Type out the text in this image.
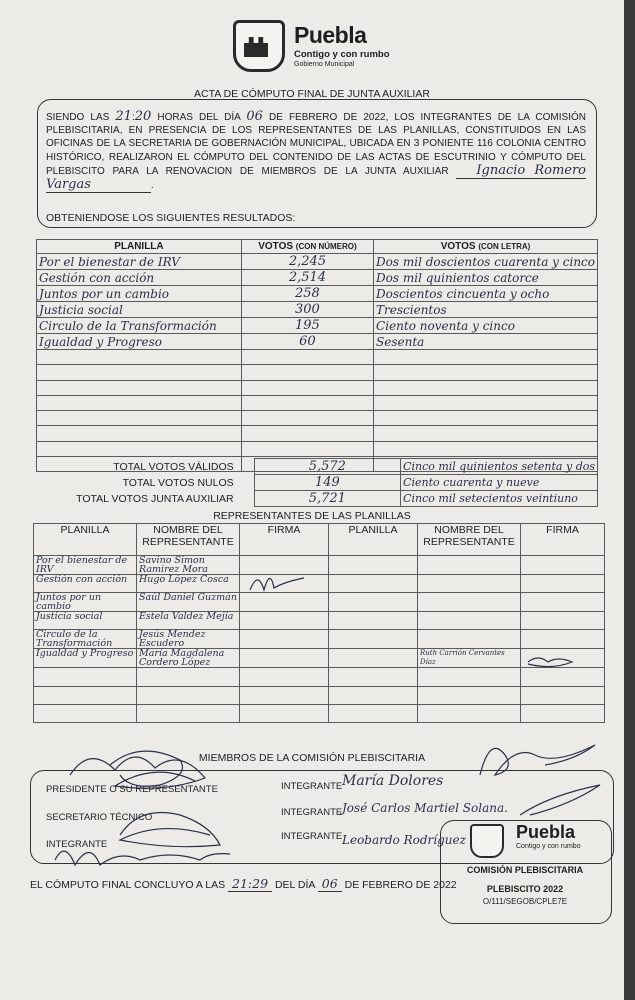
Puebla
Contigo y con rumbo
Gobierno Municipal
ACTA DE CÓMPUTO FINAL DE JUNTA AUXILIAR
SIENDO LAS 21:20 HORAS DEL DÍA 06 DE FEBRERO DE 2022, LOS INTEGRANTES DE LA COMISIÓN PLEBISCITARIA, EN PRESENCIA DE LOS REPRESENTANTES DE LAS PLANILLAS, CONSTITUIDOS EN LAS OFICINAS DE LA SECRETARIA DE GOBERNACIÓN MUNICIPAL, UBICADA EN 3 PONIENTE 116 COLONIA CENTRO HISTÓRICO, REALIZARON EL CÓMPUTO DEL CONTENIDO DE LAS ACTAS DE ESCUTRINIO Y CÓMPUTO DEL PLEBISCITO PARA LA RENOVACION DE MIEMBROS DE LA JUNTA AUXILIAR Ignacio Romero Vargas	.
OBTENIENDOSE LOS SIGUIENTES RESULTADOS:
PLANILLA	VOTOS (CON NÚMERO)	VOTOS (CON LETRA)
Por el bienestar de IRV	2,245	Dos mil doscientos cuarenta y cinco
Gestión con acción	2,514	Dos mil quinientos catorce
Juntos por un cambio	258	Doscientos cincuenta y ocho
Justicia social	300	Trescientos
Circulo de la Transformación	195	Ciento noventa y cinco
Igualdad y Progreso	60	Sesenta

TOTAL VOTOS VÁLIDOS	5,572	Cinco mil quinientos setenta y dos
TOTAL VOTOS NULOS	149	Ciento cuarenta y nueve
TOTAL VOTOS JUNTA AUXILIAR	5,721	Cinco mil setecientos veintiuno
REPRESENTANTES DE LAS PLANILLAS
PLANILLA	NOMBRE DEL REPRESENTANTE	FIRMA	PLANILLA	NOMBRE DEL REPRESENTANTE	FIRMA
Por el bienestar de IRV	Savino Simon Ramirez Mora				
Gestión con acción	Hugo López Cosca				
Juntos por un cambio	Saúl Daniel Guzmán				
Justicia social	Estela Valdez Mejía				
Circulo de la Transformación	Jesús Mendez Escudero				
Igualdad y Progreso	María Magdalena Cordero López			Ruth Carrión Cervantes Díaz	

MIEMBROS DE LA COMISIÓN PLEBISCITARIA
PRESIDENTE O SU REPRESENTANTE
SECRETARIO TÉCNICO
INTEGRANTE
INTEGRANTE
INTEGRANTE
INTEGRANTE
María Dolores
José Carlos Martiel Solana.
Leobardo Rodríguez	Puebla
Contigo y con rumbo
COMISIÓN PLEBISCITARIA
PLEBISCITO 2022
O/111/SEGOB/CPLE7E
EL CÓMPUTO FINAL CONCLUYO A LAS 21:29 DEL DÍA 06 DE FEBRERO DE 2022
